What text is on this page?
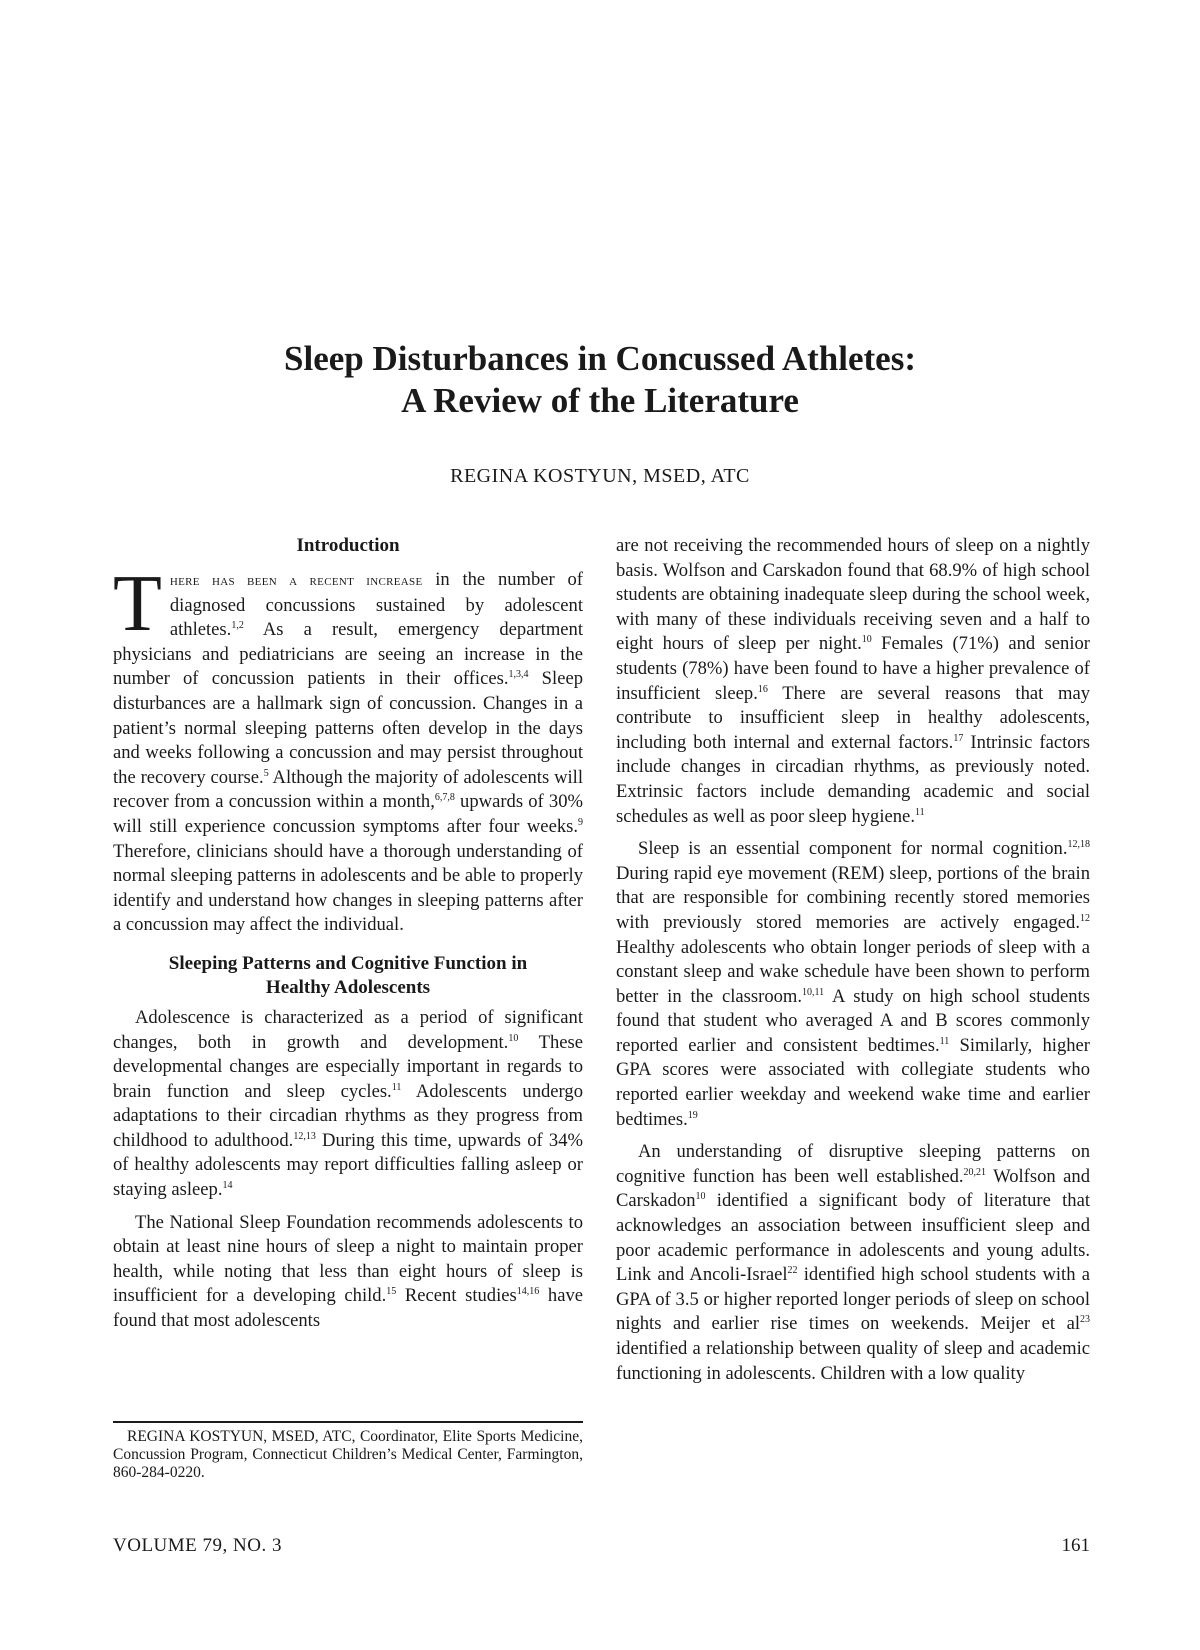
Sleep Disturbances in Concussed Athletes:
A Review of the Literature
REGINA KOSTYUN, MSED, ATC
Introduction

There has been a recent increase in the number of diagnosed concussions sustained by adolescent athletes.$^{1,2}$ As a result, emergency department physicians and pediatricians are seeing an increase in the number of concussion patients in their offices.$^{1,3,4}$ Sleep disturbances are a hallmark sign of concussion. Changes in a patient’s normal sleeping patterns often develop in the days and weeks following a concussion and may persist throughout the recovery course.$^5$ Although the majority of adolescents will recover from a concussion within a month,$^{6,7,8}$ upwards of 30% will still experience concussion symptoms after four weeks.$^9$ Therefore, clinicians should have a thorough understanding of normal sleeping patterns in adolescents and be able to properly identify and understand how changes in sleeping patterns after a concussion may affect the individual.

Sleeping Patterns and Cognitive Function in
Healthy Adolescents

Adolescence is characterized as a period of significant changes, both in growth and development.$^{10}$ These developmental changes are especially important in regards to brain function and sleep cycles.$^{11}$ Adolescents undergo adaptations to their circadian rhythms as they progress from childhood to adulthood.$^{12,13}$ During this time, upwards of 34% of healthy adolescents may report difficulties falling asleep or staying asleep.$^{14}$

The National Sleep Foundation recommends adolescents to obtain at least nine hours of sleep a night to maintain proper health, while noting that less than eight hours of sleep is insufficient for a developing child.$^{15}$ Recent studies$^{14,16}$ have found that most adolescents

REGINA KOSTYUN, MSED, ATC, Coordinator, Elite Sports Medicine, Concussion Program, Connecticut Children’s Medical Center, Farmington, 860-284-0220.

are not receiving the recommended hours of sleep on a nightly basis. Wolfson and Carskadon found that 68.9% of high school students are obtaining inadequate sleep during the school week, with many of these individuals receiving seven and a half to eight hours of sleep per night.$^{10}$ Females (71%) and senior students (78%) have been found to have a higher prevalence of insufficient sleep.$^{16}$ There are several reasons that may contribute to insufficient sleep in healthy adolescents, including both internal and external factors.$^{17}$ Intrinsic factors include changes in circadian rhythms, as previously noted. Extrinsic factors include demanding academic and social schedules as well as poor sleep hygiene.$^{11}$

Sleep is an essential component for normal cognition.$^{12,18}$ During rapid eye movement (REM) sleep, portions of the brain that are responsible for combining recently stored memories with previously stored memories are actively engaged.$^{12}$ Healthy adolescents who obtain longer periods of sleep with a constant sleep and wake schedule have been shown to perform better in the classroom.$^{10,11}$ A study on high school students found that student who averaged A and B scores commonly reported earlier and consistent bedtimes.$^{11}$ Similarly, higher GPA scores were associated with collegiate students who reported earlier weekday and weekend wake time and earlier bedtimes.$^{19}$

An understanding of disruptive sleeping patterns on cognitive function has been well established.$^{20,21}$ Wolfson and Carskadon$^{10}$ identified a significant body of literature that acknowledges an association between insufficient sleep and poor academic performance in adolescents and young adults. Link and Ancoli-Israel$^{22}$ identified high school students with a GPA of 3.5 or higher reported longer periods of sleep on school nights and earlier rise times on weekends. Meijer et $al^{23}$ identified a relationship between quality of sleep and academic functioning in adolescents. Children with a low quality

VOLUME 79, NO. 3	161
